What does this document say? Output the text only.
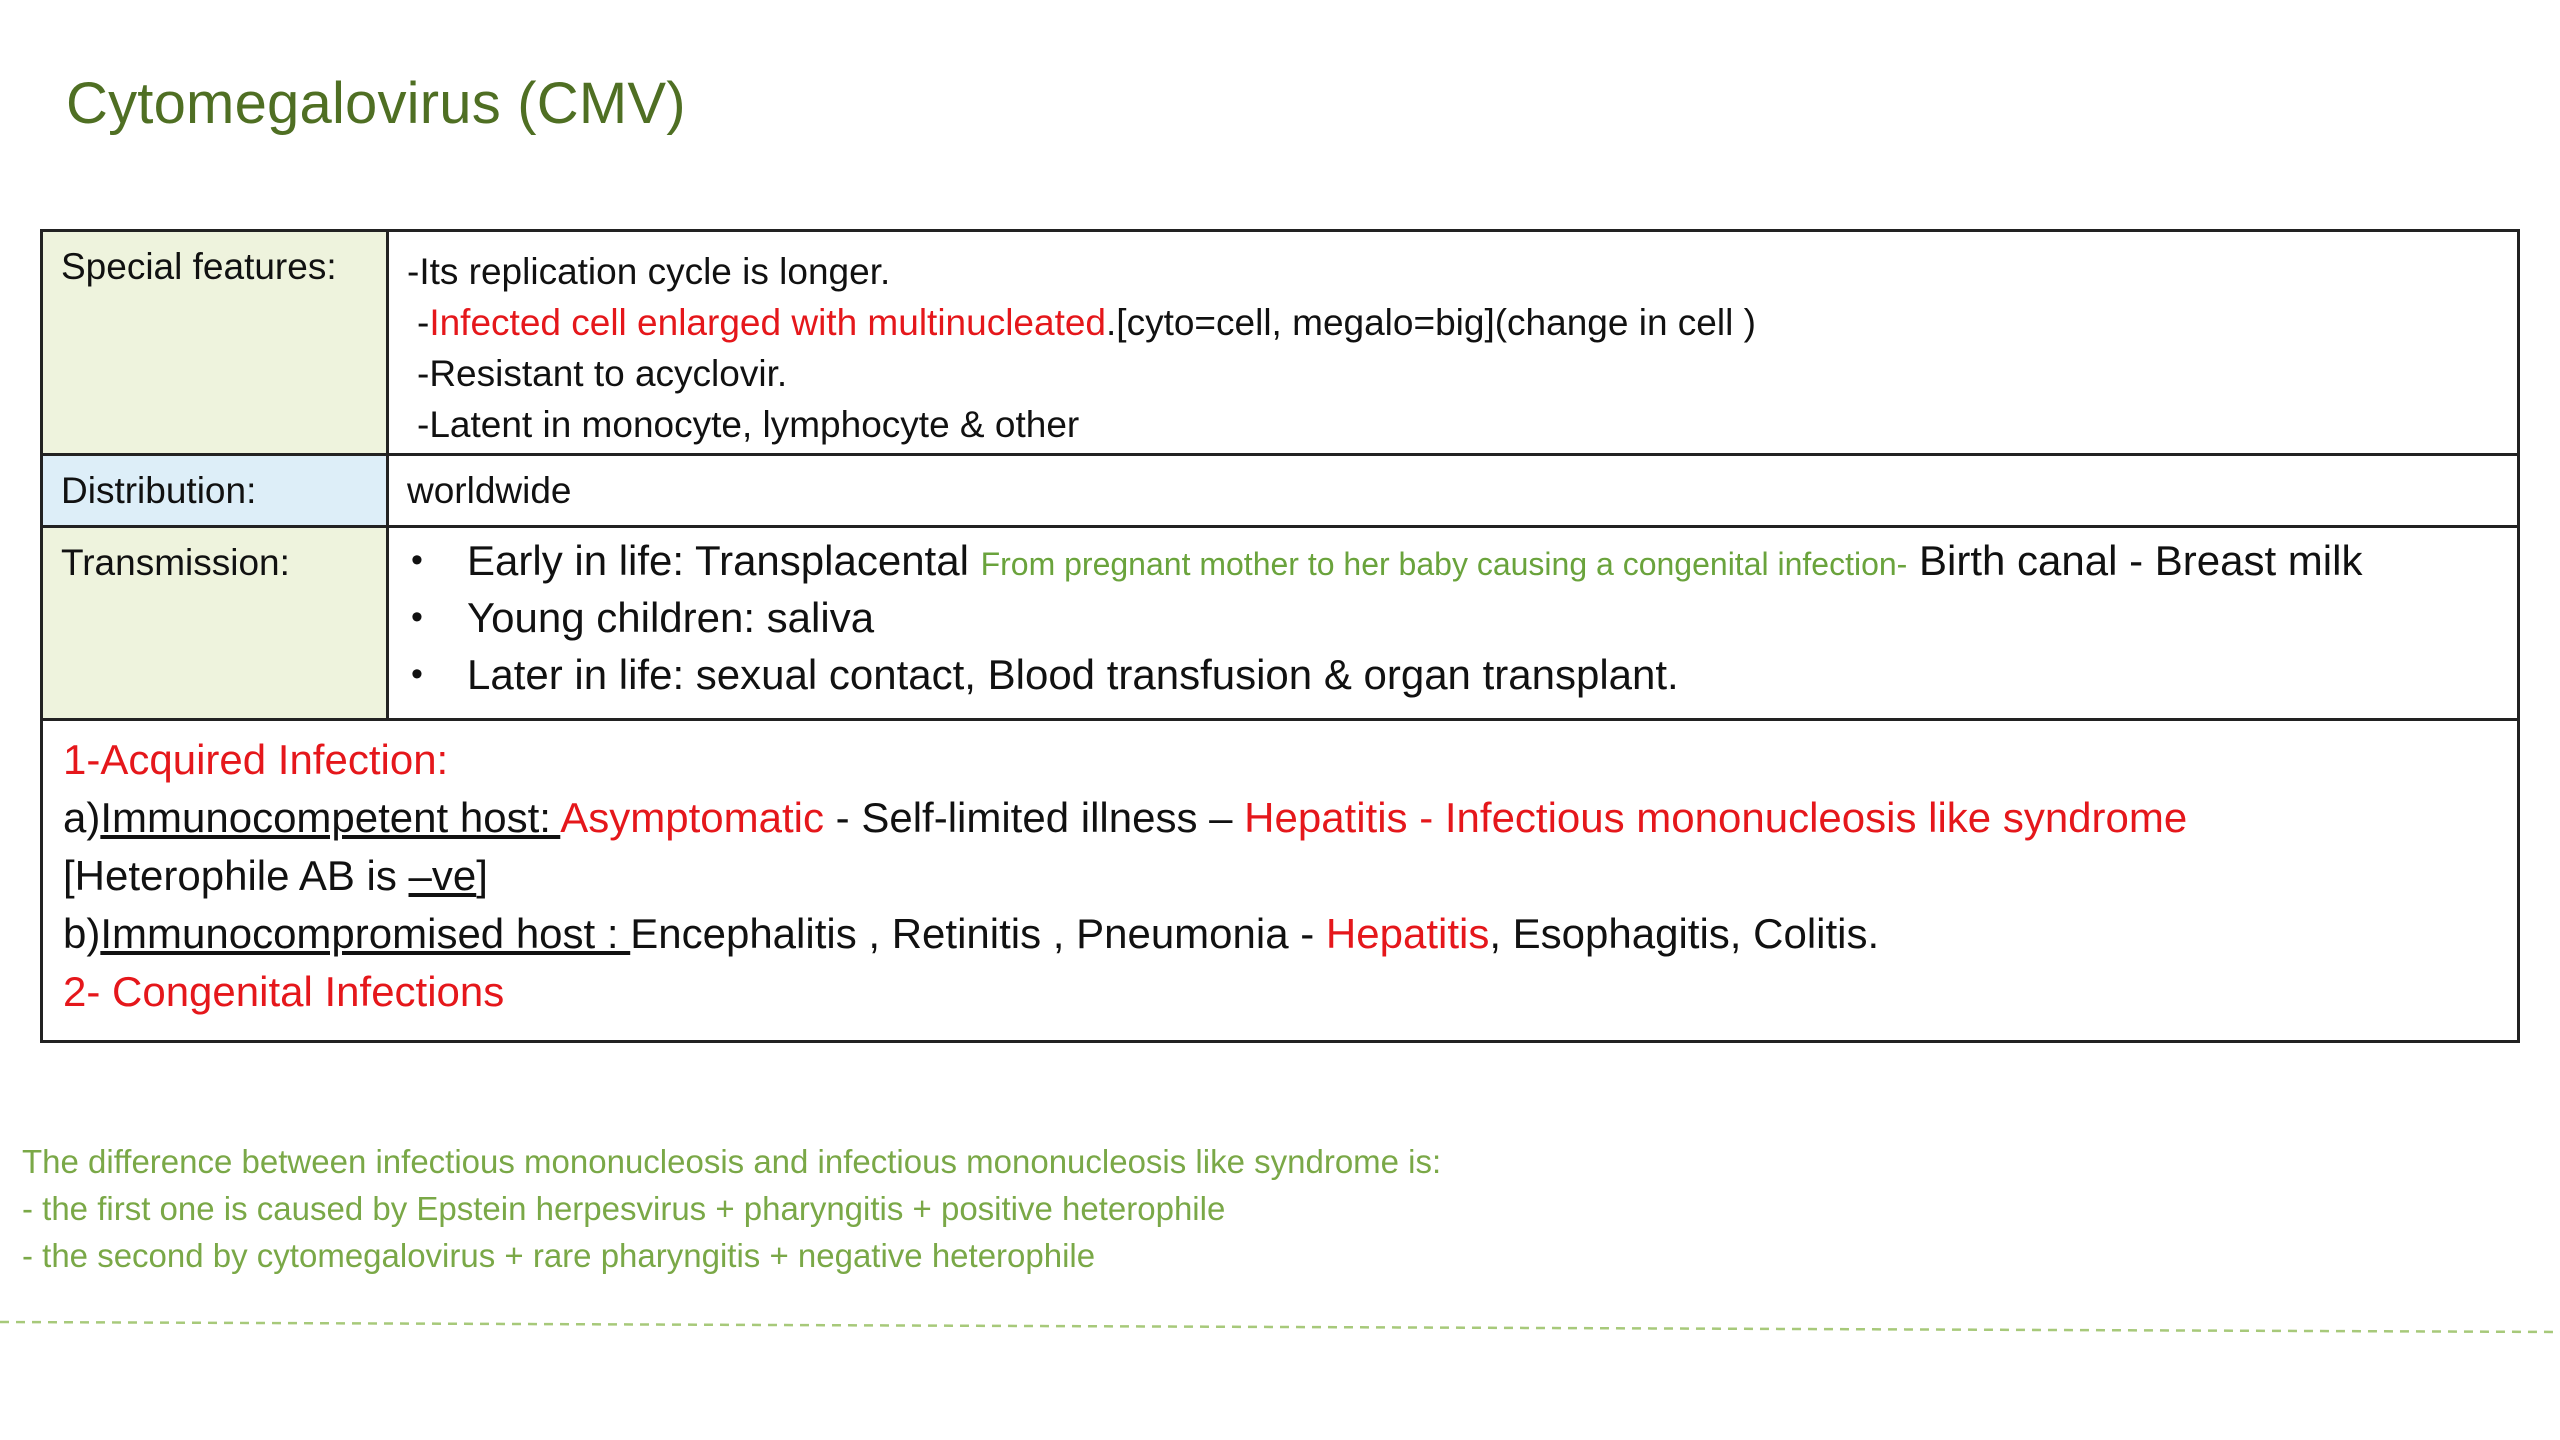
Cytomegalovirus (CMV)
Special features:	-Its replication cycle is longer.
-Infected cell enlarged with multinucleated.[cyto=cell, megalo=big](change in cell )
-Resistant to acyclovir.
-Latent in monocyte, lymphocyte & other
Distribution:	worldwide
Transmission:	• Early in life: Transplacental From pregnant mother to her baby causing a congenital infection- Birth canal - Breast milk
• Young children: saliva
• Later in life: sexual contact, Blood transfusion & organ transplant.
1-Acquired Infection:
a)Immunocompetent host: Asymptomatic - Self-limited illness – Hepatitis - Infectious mononucleosis like syndrome
[Heterophile AB is –ve]
b)Immunocompromised host : Encephalitis , Retinitis , Pneumonia - Hepatitis, Esophagitis, Colitis.
2- Congenital Infections
The difference between infectious mononucleosis and infectious mononucleosis like syndrome is:
- the first one is caused by Epstein herpesvirus + pharyngitis + positive heterophile
- the second by cytomegalovirus + rare pharyngitis + negative heterophile
